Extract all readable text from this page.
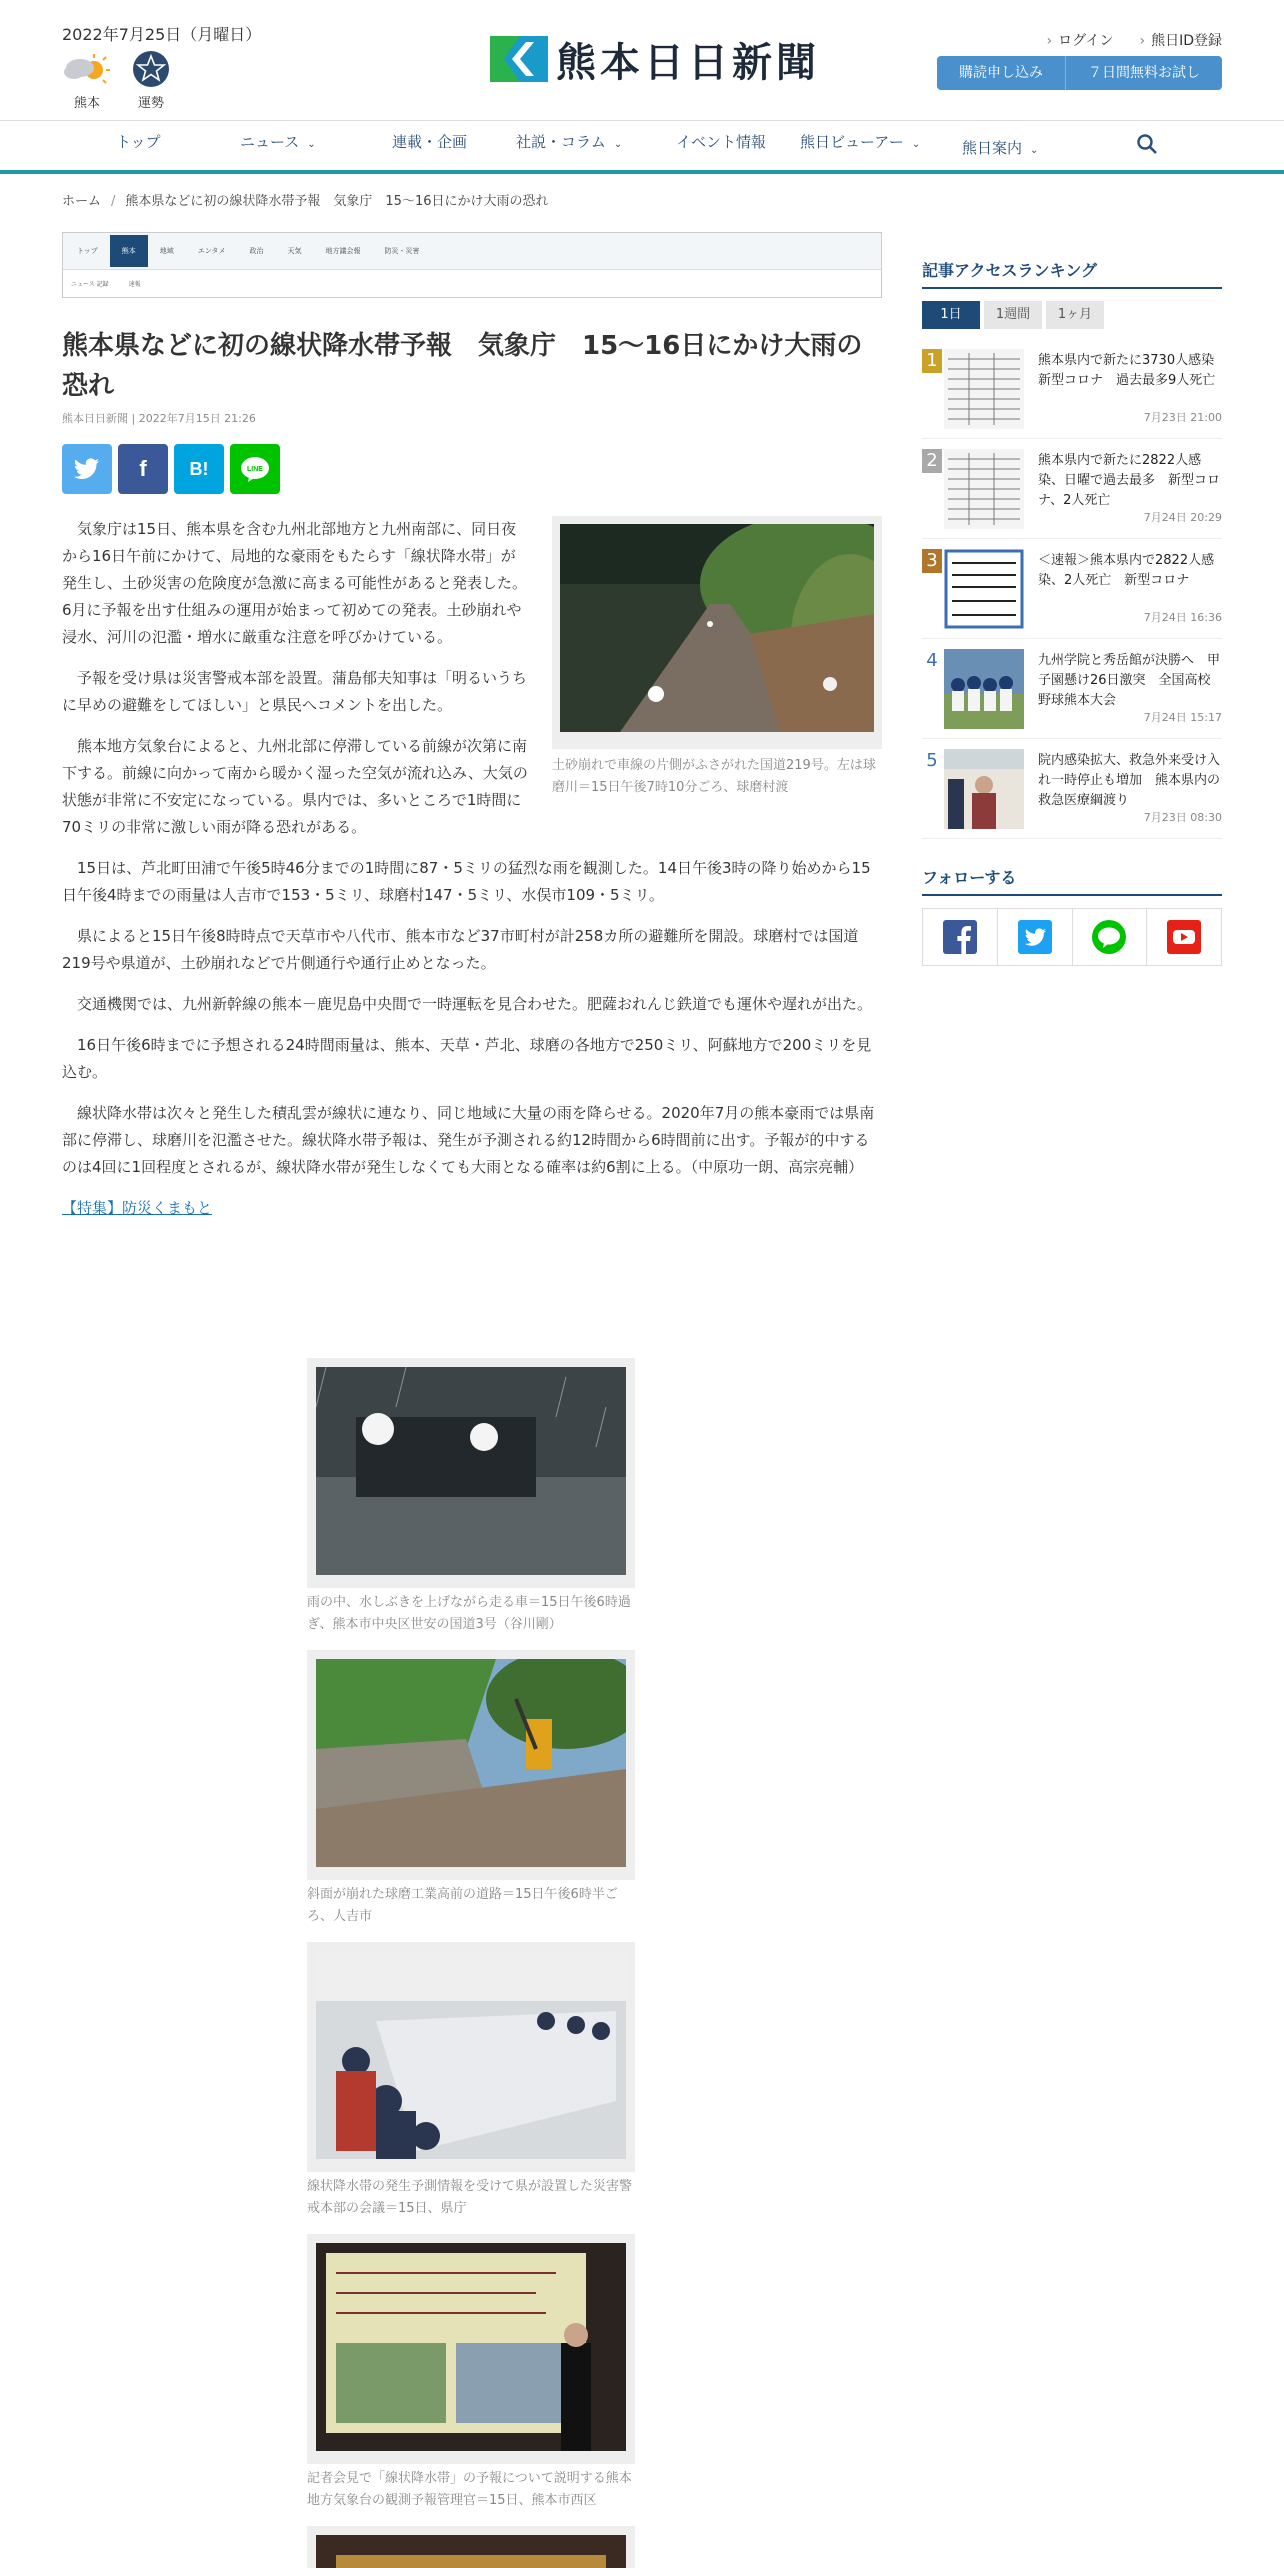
2022年7月25日（月曜日）
熊本	運勢
熊本日日新聞	› ログイン › 熊日ID登録
購読申し込み	７日間無料お試し
トップ	ニュース ⌄	連載・企画	社説・コラム ⌄	イベント情報 熊日ビューアー ⌄	熊日案内 ⌄
ホーム / 熊本県などに初の線状降水帯予報　気象庁　15～16日にかけ大雨の恐れ
トップ	熊本	地域	エンタメ	政治	天気	地方議会報	防災・災害
ニュース 記録	速報
熊本県などに初の線状降水帯予報　気象庁　15～16日にかけ大雨の恐れ
熊本日日新聞 | 2022年7月15日 21:26
f B!	LINE
土砂崩れで車線の片側がふさがれた国道219号。左は球磨川＝15日午後7時10分ごろ、球磨村渡

気象庁は15日、熊本県を含む九州北部地方と九州南部に、同日夜から16日午前にかけて、局地的な豪雨をもたらす「線状降水帯」が発生し、土砂災害の危険度が急激に高まる可能性があると発表した。6月に予報を出す仕組みの運用が始まって初めての発表。土砂崩れや浸水、河川の氾濫・増水に厳重な注意を呼びかけている。

予報を受け県は災害警戒本部を設置。蒲島郁夫知事は「明るいうちに早めの避難をしてほしい」と県民へコメントを出した。

熊本地方気象台によると、九州北部に停滞している前線が次第に南下する。前線に向かって南から暖かく湿った空気が流れ込み、大気の状態が非常に不安定になっている。県内では、多いところで1時間に70ミリの非常に激しい雨が降る恐れがある。

15日は、芦北町田浦で午後5時46分までの1時間に87・5ミリの猛烈な雨を観測した。14日午後3時の降り始めから15日午後4時までの雨量は人吉市で153・5ミリ、球磨村147・5ミリ、水俣市109・5ミリ。

県によると15日午後8時時点で天草市や八代市、熊本市など37市町村が計258カ所の避難所を開設。球磨村では国道219号や県道が、土砂崩れなどで片側通行や通行止めとなった。

交通機関では、九州新幹線の熊本－鹿児島中央間で一時運転を見合わせた。肥薩おれんじ鉄道でも運休や遅れが出た。

16日午後6時までに予想される24時間雨量は、熊本、天草・芦北、球磨の各地方で250ミリ、阿蘇地方で200ミリを見込む。

線状降水帯は次々と発生した積乱雲が線状に連なり、同じ地域に大量の雨を降らせる。2020年7月の熊本豪雨では県南部に停滞し、球磨川を氾濫させた。線状降水帯予報は、発生が予測される約12時間から6時間前に出す。予報が的中するのは4回に1回程度とされるが、線状降水帯が発生しなくても大雨となる確率は約6割に上る。（中原功一朗、高宗亮輔）

【特集】防災くまもと
雨の中、水しぶきを上げながら走る車＝15日午後6時過ぎ、熊本市中央区世安の国道3号（谷川剛）
斜面が崩れた球磨工業高前の道路＝15日午後6時半ごろ、人吉市
線状降水帯の発生予測情報を受けて県が設置した災害警戒本部の会議＝15日、県庁
記者会見で「線状降水帯」の予報について説明する熊本地方気象台の観測予報管理官＝15日、熊本市西区
記事アクセスランキング
1日	1週間	1ヶ月
1	熊本県内で新たに3730人感染　新型コロナ　過去最多9人死亡
7月23日 21:00
2	熊本県内で新たに2822人感染、日曜で過去最多　新型コロナ、2人死亡
7月24日 20:29
3	＜速報＞熊本県内で2822人感染、2人死亡　新型コロナ
7月24日 16:36
4	九州学院と秀岳館が決勝へ　甲子園懸け26日激突　全国高校野球熊本大会
7月24日 15:17
5	院内感染拡大、救急外来受け入れ一時停止も増加　熊本県内の救急医療綱渡り
7月23日 08:30
フォローする
